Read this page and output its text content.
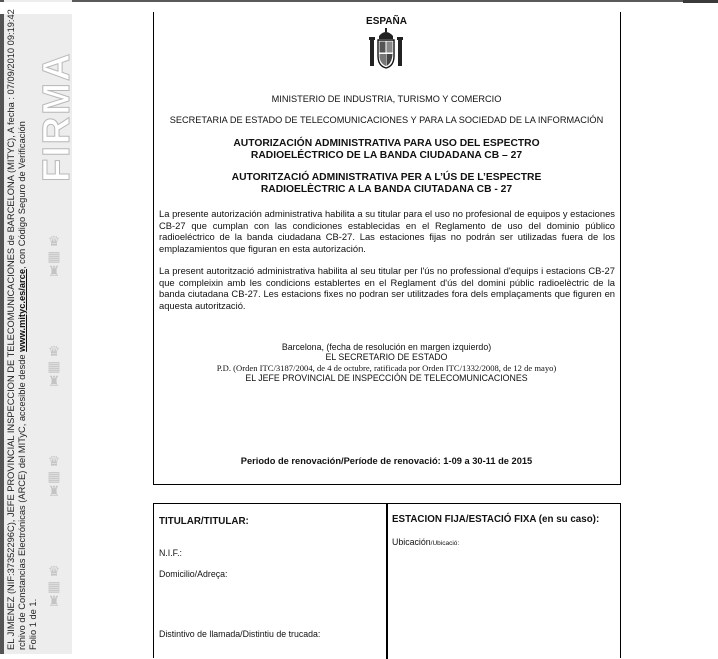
FIRMA
♛
▦
♜
♛
▦
♜
♛
▦
♜
♛
▦
♜
EL JIMENEZ (NIF:37352296C), JEFE PROVINCIAL INSPECCION DE TELECOMUNICACIONES de BARCELONA (MITYC), A fecha : 07/09/2010 09:19:42 rchivo de Constancias Electrónicas (ARCE) del MITyC, accesible desde www.mityc.es/arce, con Código Seguro de Verificación
Folio 1 de 1.
ESPAÑA
MINISTERIO DE INDUSTRIA, TURISMO Y COMERCIO
SECRETARIA DE ESTADO DE TELECOMUNICACIONES Y PARA LA SOCIEDAD DE LA INFORMACIÓN
AUTORIZACIÓN ADMINISTRATIVA PARA USO DEL ESPECTRO
RADIOELÉCTRICO DE LA BANDA CIUDADANA CB – 27
AUTORITZACIÓ ADMINISTRATIVA PER A L’ÚS DE L’ESPECTRE
RADIOELÈCTRIC A LA BANDA CIUTADANA CB - 27
La presente autorización administrativa habilita a su titular para el uso no profesional de equipos y estaciones CB-27 que cumplan con las condiciones establecidas en el Reglamento de uso del dominio público radioeléctrico de la banda ciudadana CB-27. Las estaciones fijas no podrán ser utilizadas fuera de los emplazamientos que figuran en esta autorización.
La present autorització administrativa habilita al seu titular per l'ús no professional d'equips i estacions CB-27 que compleixin amb les condicions establertes en el Reglament d'ús del domini públic radioelèctric de la banda ciutadana CB-27. Les estacions fixes no podran ser utilitzades fora dels emplaçaments que figuren en aquesta autorització.
Barcelona, (fecha de resolución en margen izquierdo)
EL SECRETARIO DE ESTADO
P.D. (Orden ITC/3187/2004, de 4 de octubre, ratificada por Orden ITC/1332/2008, de 12 de mayo)
EL JEFE PROVINCIAL DE INSPECCIÓN DE TELECOMUNICACIONES
Periodo de renovación/Període de renovació: 1-09 a 30-11 de 2015
TITULAR/TITULAR:
N.I.F.:
Domicilio/Adreça:
Distintivo de llamada/Distintiu de trucada:
ESTACION FIJA/ESTACIÓ FIXA (en su caso):
Ubicación/Ubicació:
